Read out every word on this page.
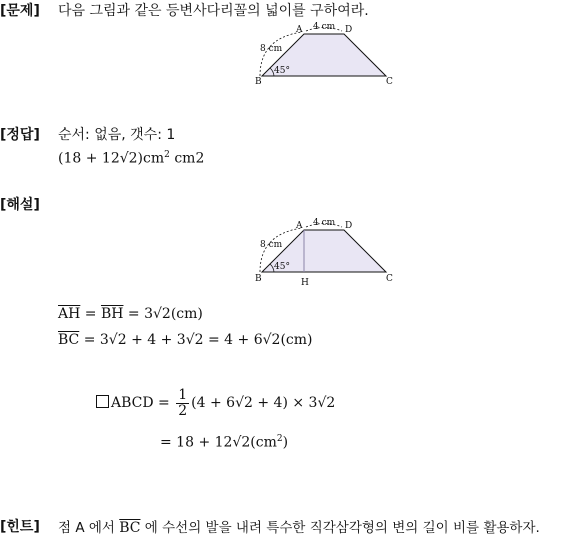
[문제] 다음 그림과 같은 등변사다리꼴의 넓이를 구하여라.
A	D
B	C
4 cm
8 cm
45°
[정답] 순서: 없음, 갯수: 1
$(18 + 12√2)cm^2$ cm2
[해설]
A	D
B	C
H
4 cm
8 cm
45°
$\overline{AH} = \overline{BH} = 3√2(cm)$
$\overline{BC} = 3√2 + 4 + 3√2 = 4 + 6√2(cm)$
ABCD = $\frac{1}{2} (4 + 6√2 + 4) \times 3√2$
= $18 + 12√2(cm^2)$
[힌트] 점 A 에서 $\overline{BC}$ 에 수선의 발을 내려 특수한 직각삼각형의 변의 길이 비를 활용하자.
